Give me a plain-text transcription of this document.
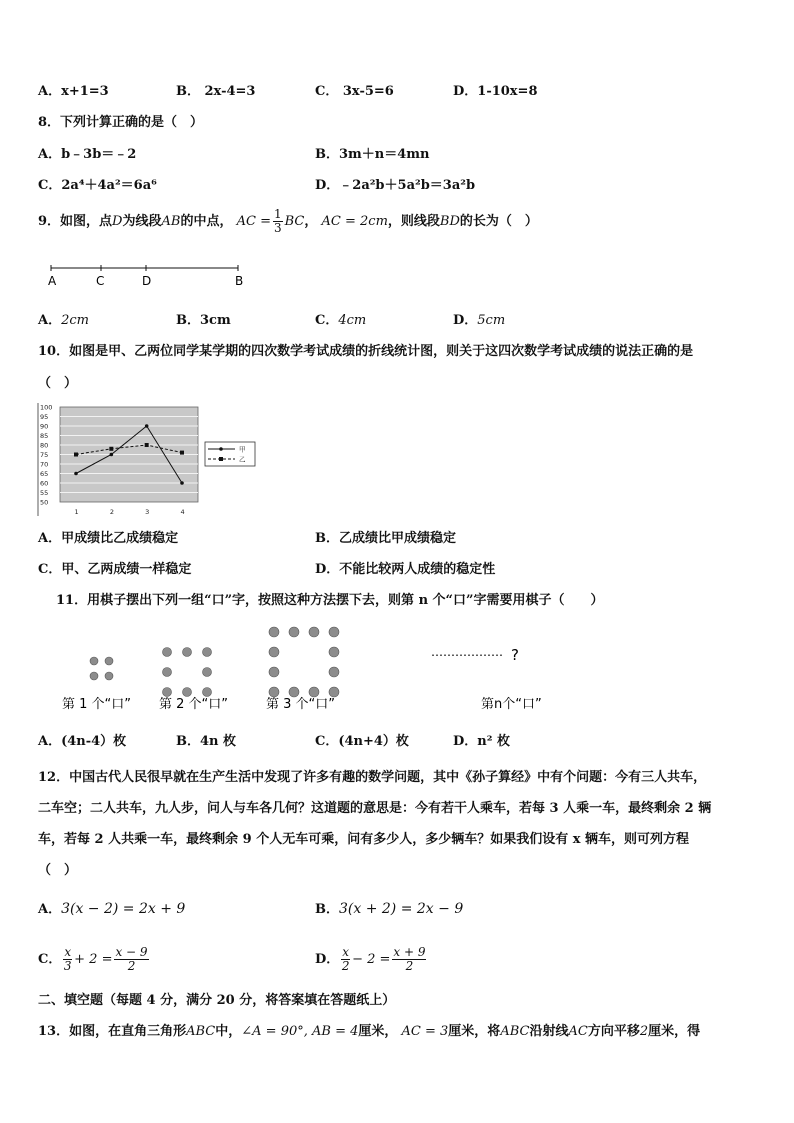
A．x+1=3	B． 2x-4=3	C． 3x-5=6	D．1-10x=8
8．下列计算正确的是（　）
A．b﹣3b＝﹣2	B．3m＋n＝4mn
C．2a⁴＋4a²＝6a⁶	D．﹣2a²b＋5a²b＝3a²b
9．如图，点D为线段AB的中点， AC = $\frac{1}{3}$ BC， AC = 2cm，则线段BD的长为（　）
A	C	D	B
A．2cm	B．3cm	C．4cm	D．5cm
10．如图是甲、乙两位同学某学期的四次数学考试成绩的折线统计图，则关于这四次数学考试成绩的说法正确的是
（　）
100
95
90
85
80
75
70
65
60
55
50
1	2	3	4
甲
乙
A．甲成绩比乙成绩稳定	B．乙成绩比甲成绩稳定
C．甲、乙两成绩一样稳定	D．不能比较两人成绩的稳定性
11．用棋子摆出下列一组“口”字，按照这种方法摆下去，则第 n 个“口”字需要用棋子（　　）
……………… ?
第 1 个“口” 第 2 个“口”	第 3 个“口”	第n个“口”
A．(4n-4）枚	B．4n 枚	C．(4n+4）枚	D．n² 枚
12．中国古代人民很早就在生产生活中发现了许多有趣的数学问题，其中《孙子算经》中有个问题：今有三人共车，
二车空；二人共车，九人步，问人与车各几何？这道题的意思是：今有若干人乘车，若每 3 人乘一车，最终剩余 2 辆
车，若每 2 人共乘一车，最终剩余 9 个人无车可乘，问有多少人，多少辆车？如果我们设有 x 辆车，则可列方程
（　）
A．3(x − 2) = 2x + 9	B．3(x + 2) = 2x − 9
C． $\frac{x}{3} + 2 = \frac{x - 9}{2}$	D． $\frac{x}{2} - 2 = \frac{x + 9}{2}$
二、填空题（每题 4 分，满分 20 分，将答案填在答题纸上）
13．如图，在直角三角形ABC中，∠A = 90°, AB = 4厘米， AC = 3厘米，将ABC沿射线AC方向平移2厘米，得
